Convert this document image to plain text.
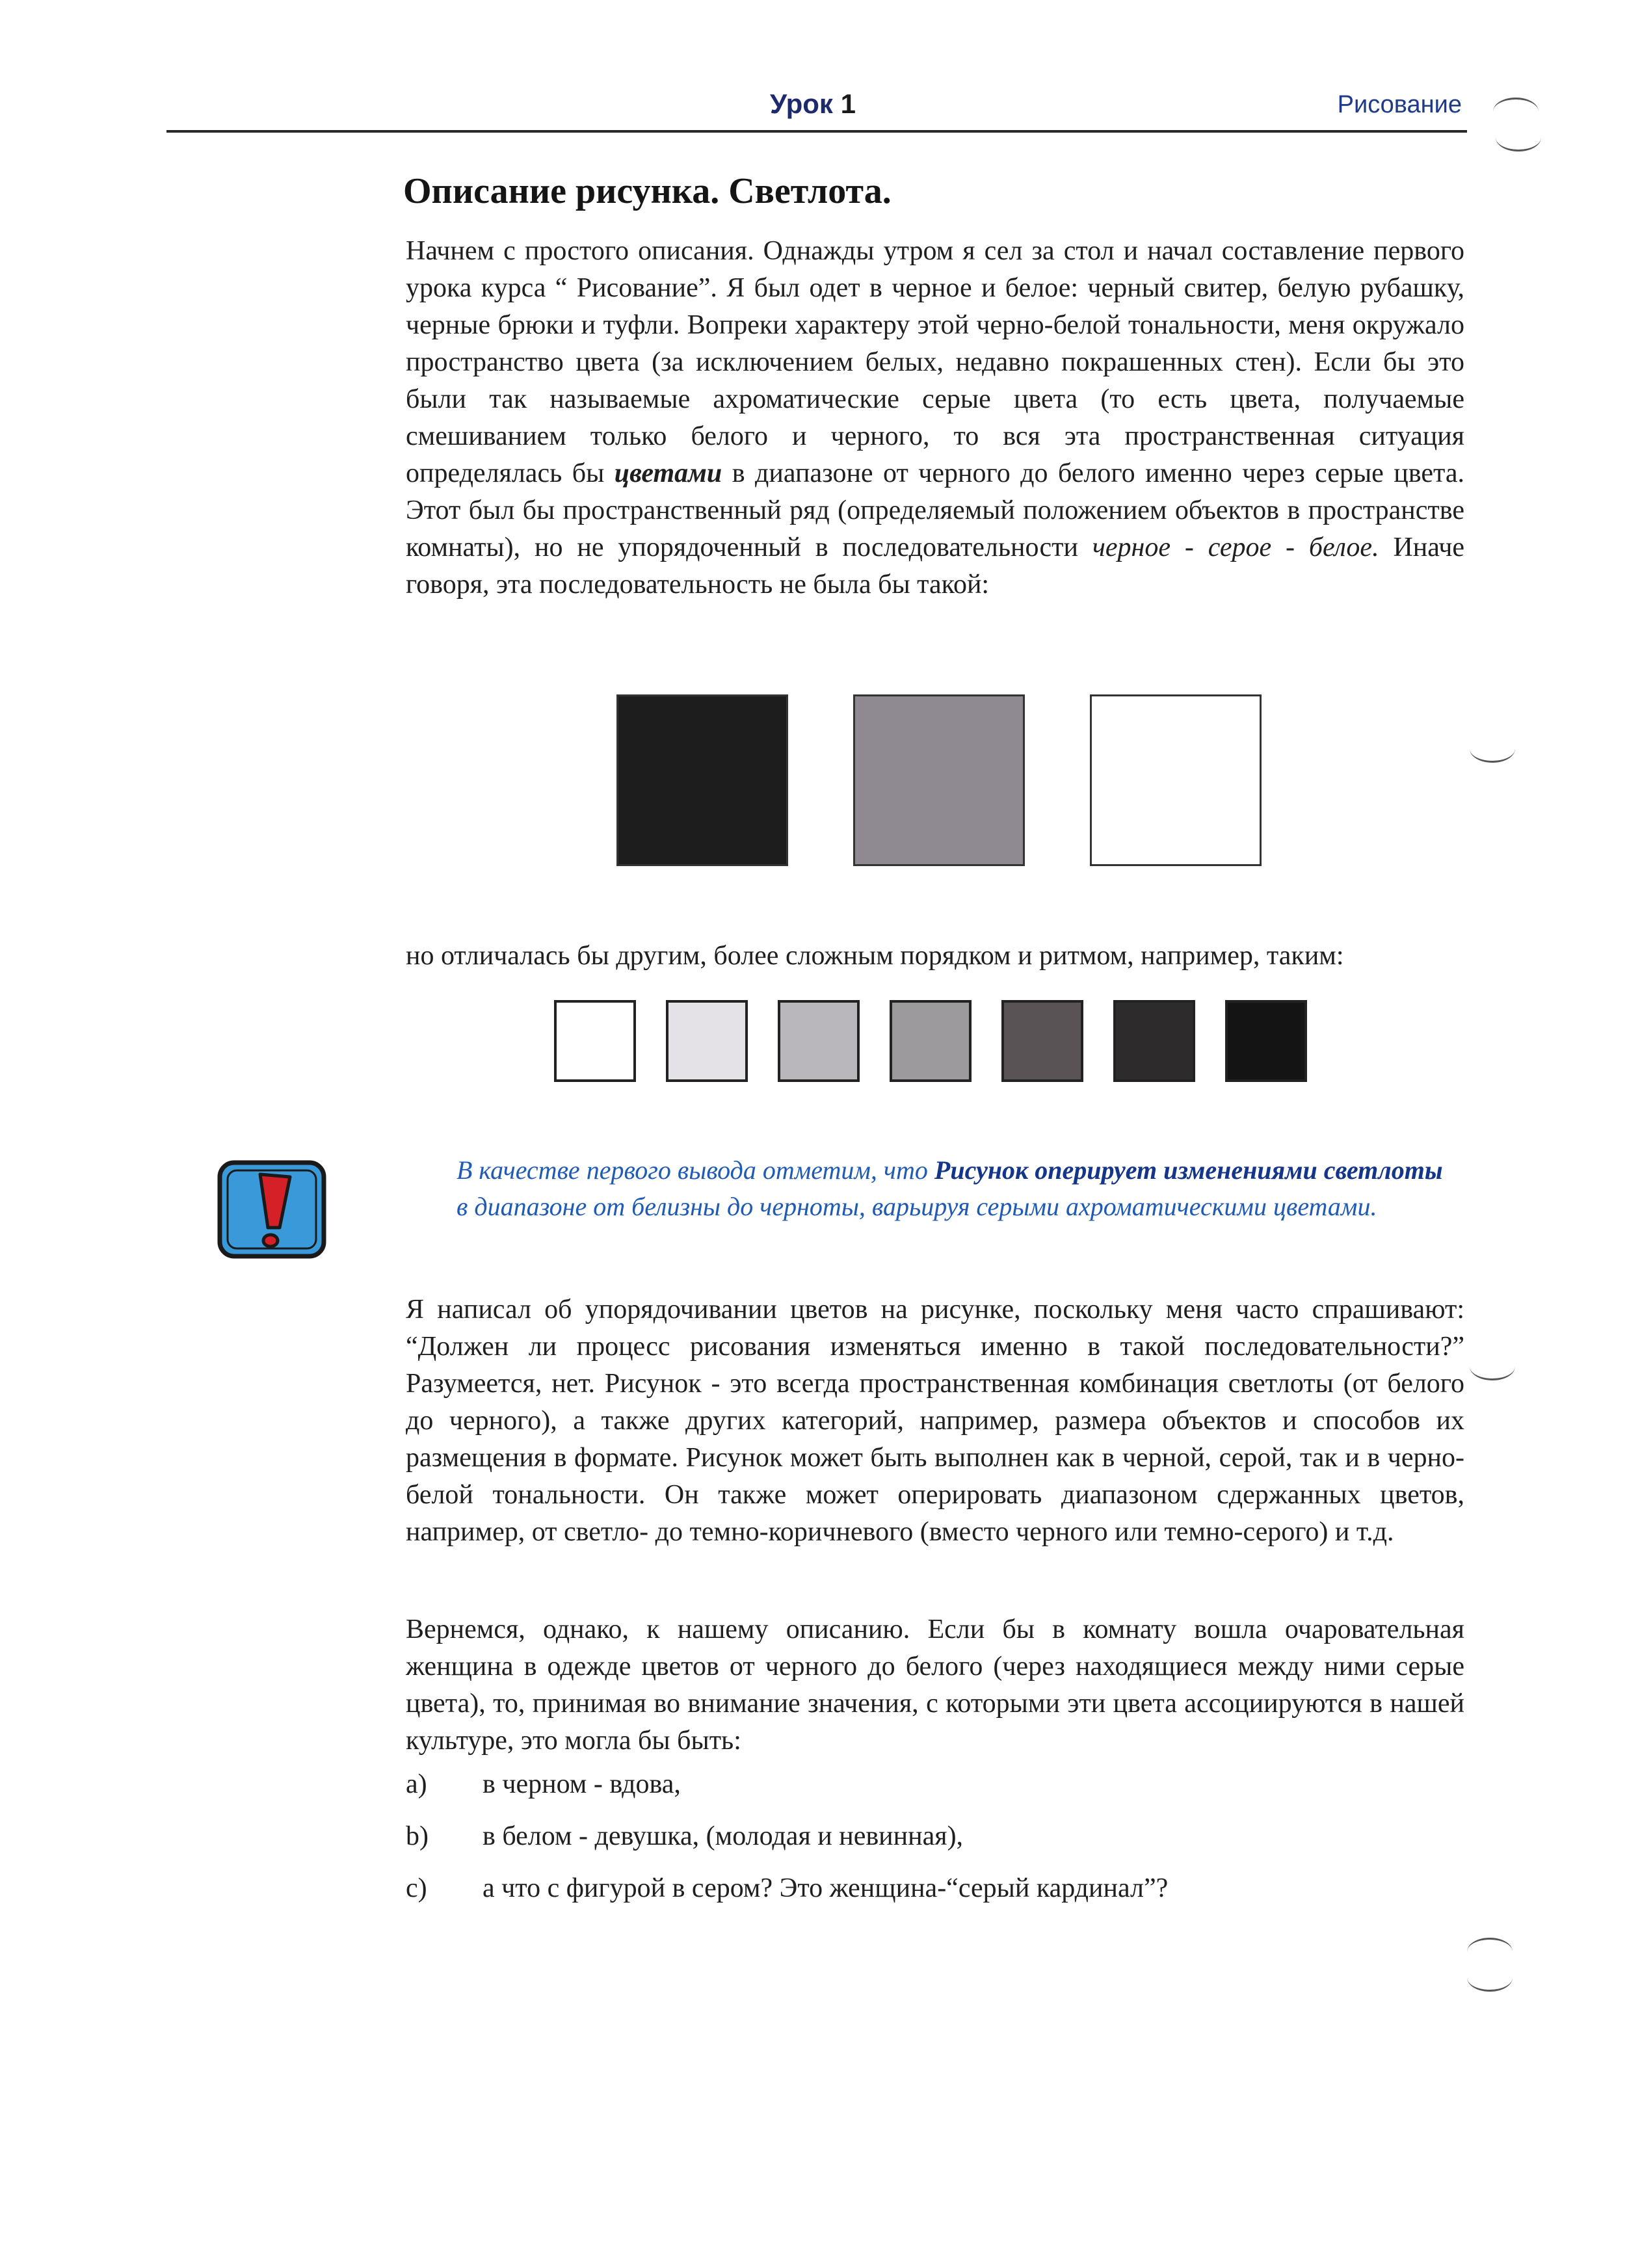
Урок 1	Рисование
Описание рисунка. Светлота.

Начнем с простого описания. Однажды утром я сел за стол и начал составление первого урока курса “ Рисование”. Я был одет в черное и белое: черный свитер, белую рубашку, черные брюки и туфли. Вопреки характеру этой черно-белой тональности, меня окружало пространство цвета (за исключением белых, недавно покрашенных стен). Если бы это были так называемые ахроматические серые цвета (то есть цвета, получаемые смешиванием только белого и черного, то вся эта пространственная ситуация определялась бы цветами в диапазоне от черного до белого именно через серые цвета. Этот был бы пространственный ряд (определяемый положением объектов в пространстве комнаты), но не упорядоченный в последовательности черное - серое - белое. Иначе говоря, эта последовательность не была бы такой:

но отличалась бы другим, более сложным порядком и ритмом, например, таким:

В качестве первого вывода отметим, что Рисунок оперирует изменениями светлоты в диапазоне от белизны до черноты, варьируя серыми ахроматическими цветами.

Я написал об упорядочивании цветов на рисунке, поскольку меня часто спрашивают: “Должен ли процесс рисования изменяться именно в такой последовательности?” Разумеется, нет. Рисунок - это всегда пространственная комбинация светлоты (от белого до черного), а также других категорий, например, размера объектов и способов их размещения в формате. Рисунок может быть выполнен как в черной, серой, так и в черно-белой тональности. Он также может оперировать диапазоном сдержанных цветов, например, от светло- до темно-коричневого (вместо черного или темно-серого) и т.д.

Вернемся, однако, к нашему описанию. Если бы в комнату вошла очаровательная женщина в одежде цветов от черного до белого (через находящиеся между ними серые цвета), то, принимая во внимание значения, с которыми эти цвета ассоциируются в нашей культуре, это могла бы быть:

a) в черном - вдова,
b) в белом - девушка, (молодая и невинная),
c) а что с фигурой в сером? Это женщина-“серый кардинал”?
